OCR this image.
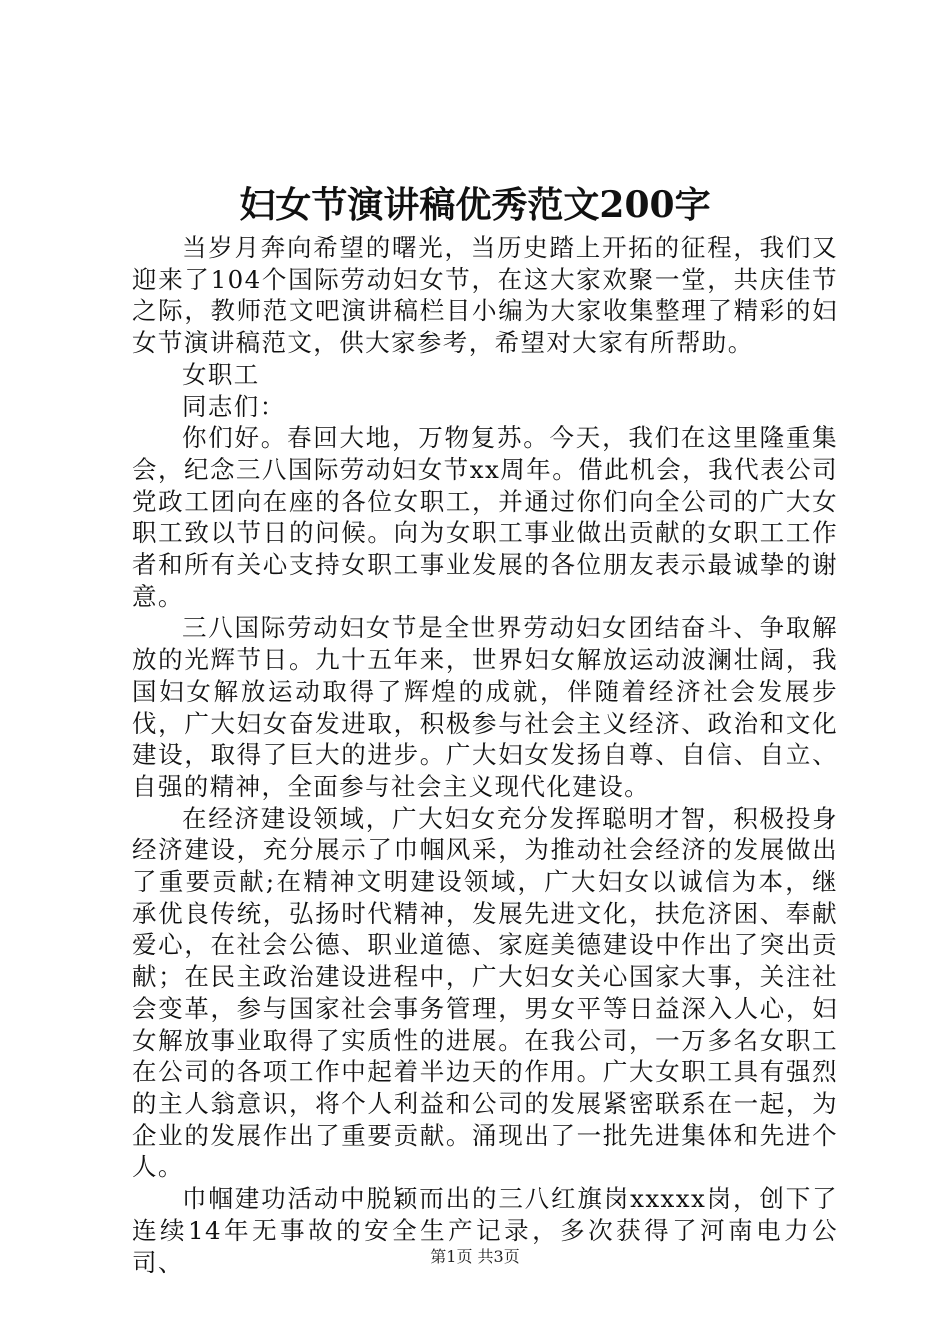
妇女节演讲稿优秀范文200字

当岁月奔向希望的曙光，当历史踏上开拓的征程，我们又迎来了104个国际劳动妇女节，在这大家欢聚一堂，共庆佳节之际，教师范文吧演讲稿栏目小编为大家收集整理了精彩的妇女节演讲稿范文，供大家参考，希望对大家有所帮助。

女职工

同志们：

你们好。春回大地，万物复苏。今天，我们在这里隆重集会，纪念三八国际劳动妇女节xx周年。借此机会，我代表公司党政工团向在座的各位女职工，并通过你们向全公司的广大女职工致以节日的问候。向为女职工事业做出贡献的女职工工作者和所有关心支持女职工事业发展的各位朋友表示最诚挚的谢意。

三八国际劳动妇女节是全世界劳动妇女团结奋斗、争取解放的光辉节日。九十五年来，世界妇女解放运动波澜壮阔，我国妇女解放运动取得了辉煌的成就，伴随着经济社会发展步伐，广大妇女奋发进取，积极参与社会主义经济、政治和文化建设，取得了巨大的进步。广大妇女发扬自尊、自信、自立、自强的精神，全面参与社会主义现代化建设。

在经济建设领域，广大妇女充分发挥聪明才智，积极投身经济建设，充分展示了巾帼风采，为推动社会经济的发展做出了重要贡献;在精神文明建设领域，广大妇女以诚信为本，继承优良传统，弘扬时代精神，发展先进文化，扶危济困、奉献爱心，在社会公德、职业道德、家庭美德建设中作出了突出贡献；在民主政治建设进程中，广大妇女关心国家大事，关注社会变革，参与国家社会事务管理，男女平等日益深入人心，妇女解放事业取得了实质性的进展。在我公司，一万多名女职工在公司的各项工作中起着半边天的作用。广大女职工具有强烈的主人翁意识，将个人利益和公司的发展紧密联系在一起，为企业的发展作出了重要贡献。涌现出了一批先进集体和先进个人。

巾帼建功活动中脱颖而出的三八红旗岗xxxxx岗，创下了连续14年无事故的安全生产记录，多次获得了河南电力公司、	第1页 共3页
